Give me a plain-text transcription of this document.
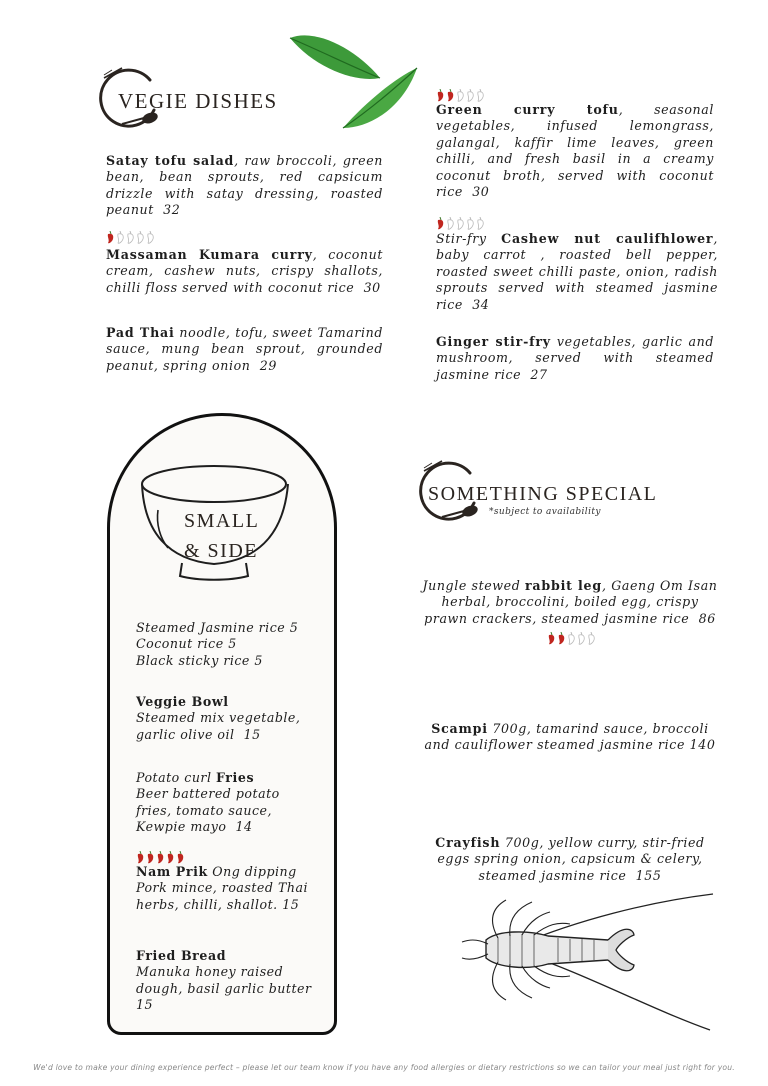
VEGIE DISHES
Satay tofu salad, raw broccoli, green bean, bean sprouts, red capsicum drizzle with satay dressing, roasted peanut 32
Massaman Kumara curry, coconut cream, cashew nuts, crispy shallots, chilli floss served with coconut rice 30
Pad Thai noodle, tofu, sweet Tamarind sauce, mung bean sprout, grounded peanut, spring onion 29
Green curry tofu, seasonal vegetables, infused lemongrass, galangal, kaffir lime leaves, green chilli, and fresh basil in a creamy coconut broth, served with coconut rice 30
Stir-fry Cashew nut caulifhlower, baby carrot , roasted bell pepper, roasted sweet chilli paste, onion, radish sprouts served with steamed jasmine rice 34
Ginger stir-fry vegetables, garlic and mushroom, served with steamed jasmine rice 27
SMALL
& SIDE
Steamed Jasmine rice 5
Coconut rice 5
Black sticky rice 5
Veggie Bowl
Steamed mix vegetable, garlic olive oil 15
Potato curl Fries
Beer battered potato fries, tomato sauce, Kewpie mayo 14
Nam Prik Ong dipping
Pork mince, roasted Thai herbs, chilli, shallot. 15
Fried Bread
Manuka honey raised dough, basil garlic butter
15
SOMETHING SPECIAL
*subject to availability
Jungle stewed rabbit leg, Gaeng Om Isan herbal, broccolini, boiled egg, crispy prawn crackers, steamed jasmine rice 86
Scampi 700g, tamarind sauce, broccoli and cauliflower steamed jasmine rice 140
Crayfish 700g, yellow curry, stir-fried eggs spring onion, capsicum & celery, steamed jasmine rice 155
We'd love to make your dining experience perfect – please let our team know if you have any food allergies or dietary restrictions so we can tailor your meal just right for you.
